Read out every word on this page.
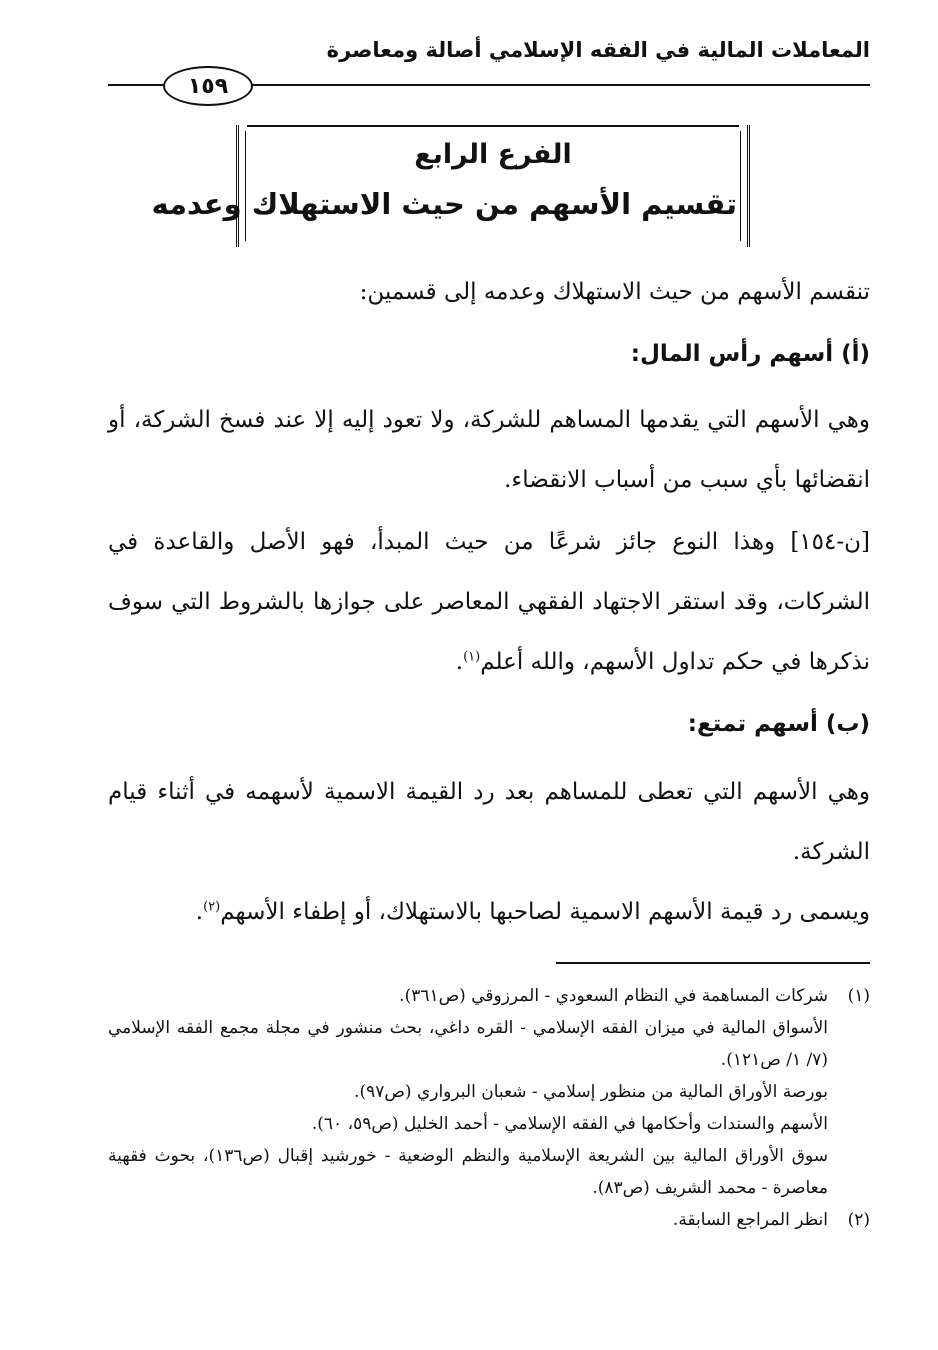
المعاملات المالية في الفقه الإسلامي أصالة ومعاصرة
١٥٩
الفرع الرابع
تقسيم الأسهم من حيث الاستهلاك وعدمه
تنقسم الأسهم من حيث الاستهلاك وعدمه إلى قسمين:
(أ) أسهم رأس المال:
وهي الأسهم التي يقدمها المساهم للشركة، ولا تعود إليه إلا عند فسخ الشركة، أو انقضائها بأي سبب من أسباب الانقضاء.
[ن-١٥٤] وهذا النوع جائز شرعًا من حيث المبدأ، فهو الأصل والقاعدة في الشركات، وقد استقر الاجتهاد الفقهي المعاصر على جوازها بالشروط التي سوف نذكرها في حكم تداول الأسهم، والله أعلم$^{(١)}$.
(ب) أسهم تمتع:
وهي الأسهم التي تعطى للمساهم بعد رد القيمة الاسمية لأسهمه في أثناء قيام الشركة.
ويسمى رد قيمة الأسهم الاسمية لصاحبها بالاستهلاك، أو إطفاء الأسهم$^{(٢)}$.
(١)شركات المساهمة في النظام السعودي - المرزوقي (ص٣٦١).
الأسواق المالية في ميزان الفقه الإسلامي - القره داغي، بحث منشور في مجلة مجمع الفقه الإسلامي (٧/ ١/ ص١٢١).
بورصة الأوراق المالية من منظور إسلامي - شعبان البرواري (ص٩٧).
الأسهم والسندات وأحكامها في الفقه الإسلامي - أحمد الخليل (ص٥٩، ٦٠).
سوق الأوراق المالية بين الشريعة الإسلامية والنظم الوضعية - خورشيد إقبال (ص١٣٦)، بحوث فقهية معاصرة - محمد الشريف (ص٨٣).
(٢)انظر المراجع السابقة.
